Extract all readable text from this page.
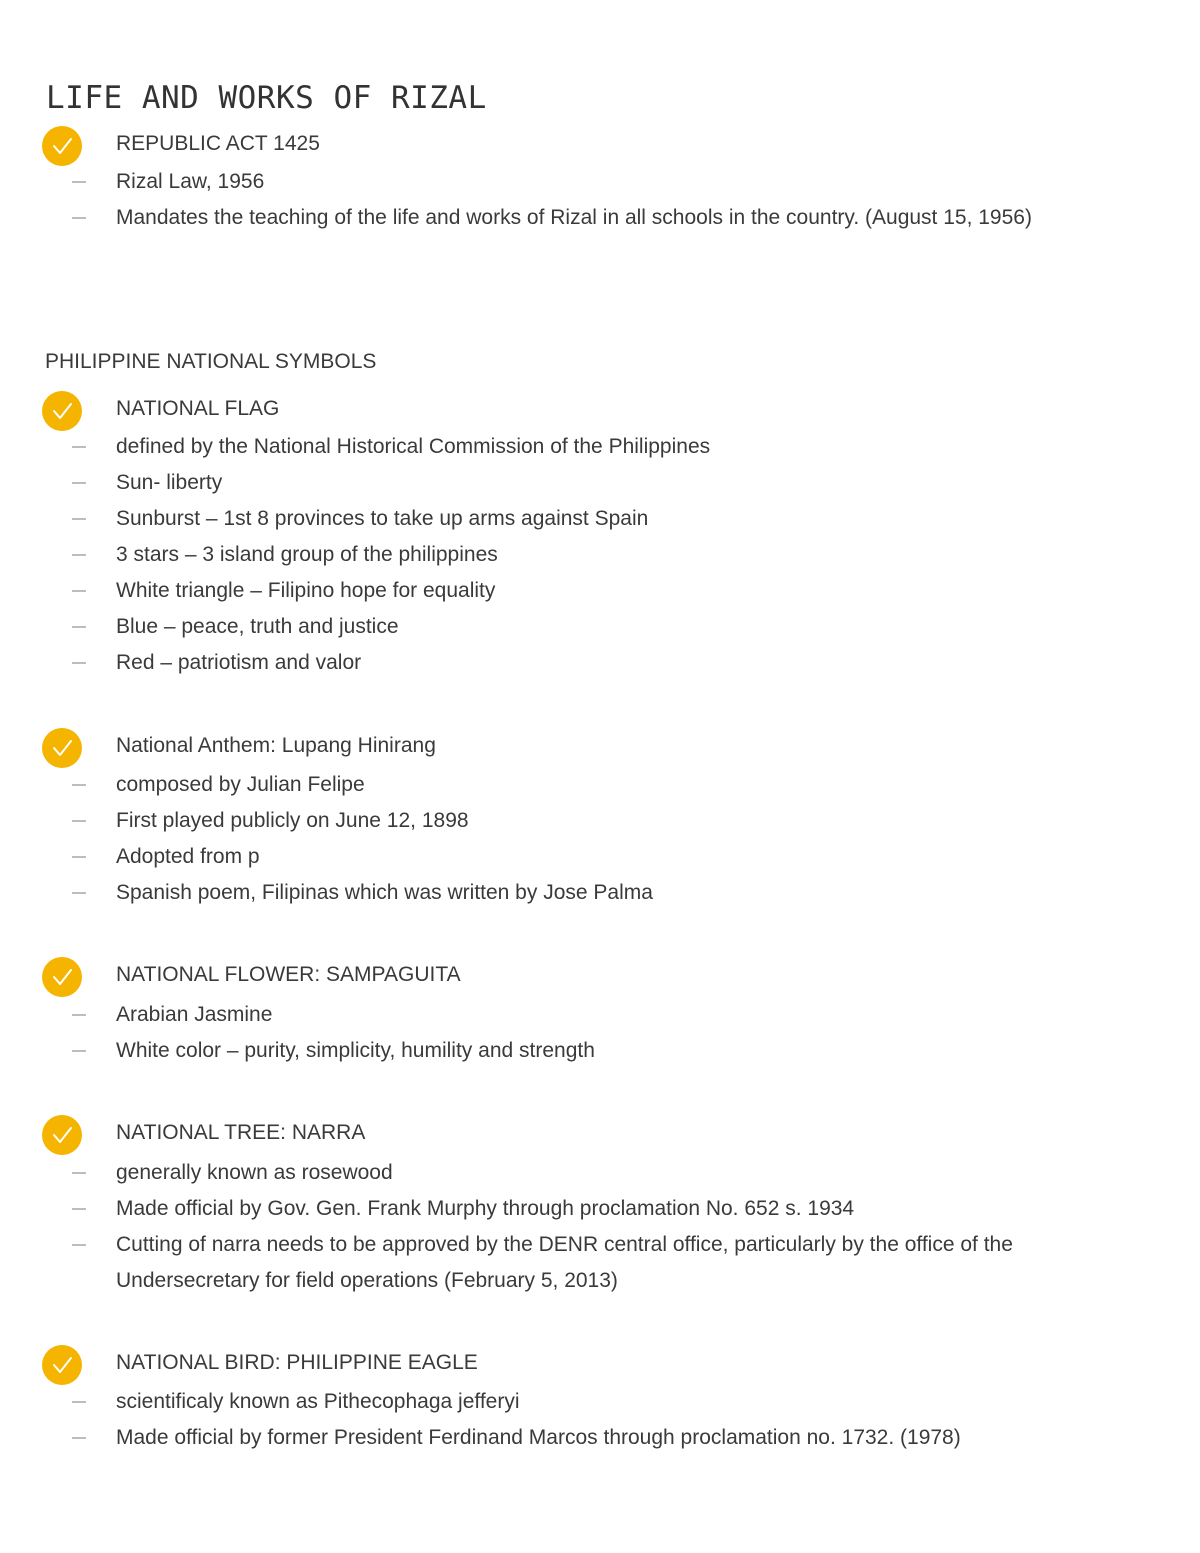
LIFE AND WORKS OF RIZAL
REPUBLIC ACT 1425
Rizal Law, 1956
Mandates the teaching of the life and works of Rizal in all schools in the country. (August 15, 1956)
PHILIPPINE NATIONAL SYMBOLS
NATIONAL FLAG
defined by the National Historical Commission of the Philippines
Sun- liberty
Sunburst – 1st 8 provinces to take up arms against Spain
3 stars – 3 island group of the philippines
White triangle – Filipino hope for equality
Blue – peace, truth and justice
Red – patriotism and valor
National Anthem: Lupang Hinirang
composed by Julian Felipe
First played publicly on June 12, 1898
Adopted from p
Spanish poem, Filipinas which was written by Jose Palma
NATIONAL FLOWER: SAMPAGUITA
Arabian Jasmine
White color – purity, simplicity, humility and strength
NATIONAL TREE: NARRA
generally known as rosewood
Made official by Gov. Gen. Frank Murphy through proclamation No. 652 s. 1934
Cutting of narra needs to be approved by the DENR central office, particularly by the office of the Undersecretary for field operations (February 5, 2013)
NATIONAL BIRD: PHILIPPINE EAGLE
scientificaly known as Pithecophaga jefferyi
Made official by former President Ferdinand Marcos through proclamation no. 1732. (1978)
